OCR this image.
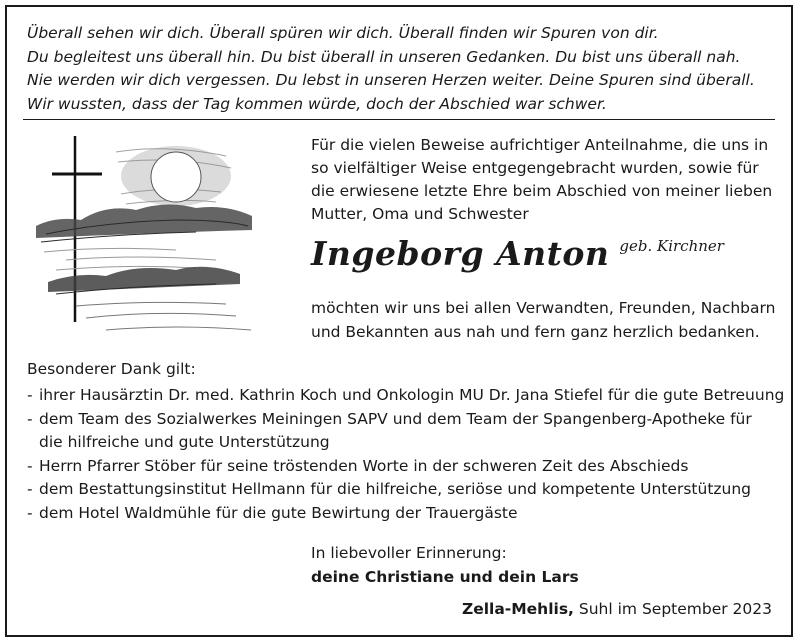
Überall sehen wir dich. Überall spüren wir dich. Überall finden wir Spuren von dir.
Du begleitest uns überall hin. Du bist überall in unseren Gedanken. Du bist uns überall nah.
Nie werden wir dich vergessen. Du lebst in unseren Herzen weiter. Deine Spuren sind überall.
Wir wussten, dass der Tag kommen würde, doch der Abschied war schwer.
Für die vielen Beweise aufrichtiger Anteilnahme, die uns in
so vielfältiger Weise entgegengebracht wurden, sowie für
die erwiesene letzte Ehre beim Abschied von meiner lieben
Mutter, Oma und Schwester
Ingeborg Anton geb. Kirchner
möchten wir uns bei allen Verwandten, Freunden, Nachbarn
und Bekannten aus nah und fern ganz herzlich bedanken.
Besonderer Dank gilt:
- ihrer Hausärztin Dr. med. Kathrin Koch und Onkologin MU Dr. Jana Stiefel für die gute Betreuung
- dem Team des Sozialwerkes Meiningen SAPV und dem Team der Spangenberg-Apotheke für
die hilfreiche und gute Unterstützung
- Herrn Pfarrer Stöber für seine tröstenden Worte in der schweren Zeit des Abschieds
- dem Bestattungsinstitut Hellmann für die hilfreiche, seriöse und kompetente Unterstützung
- dem Hotel Waldmühle für die gute Bewirtung der Trauergäste
In liebevoller Erinnerung:
deine Christiane und dein Lars
Zella-Mehlis, Suhl im September 2023
